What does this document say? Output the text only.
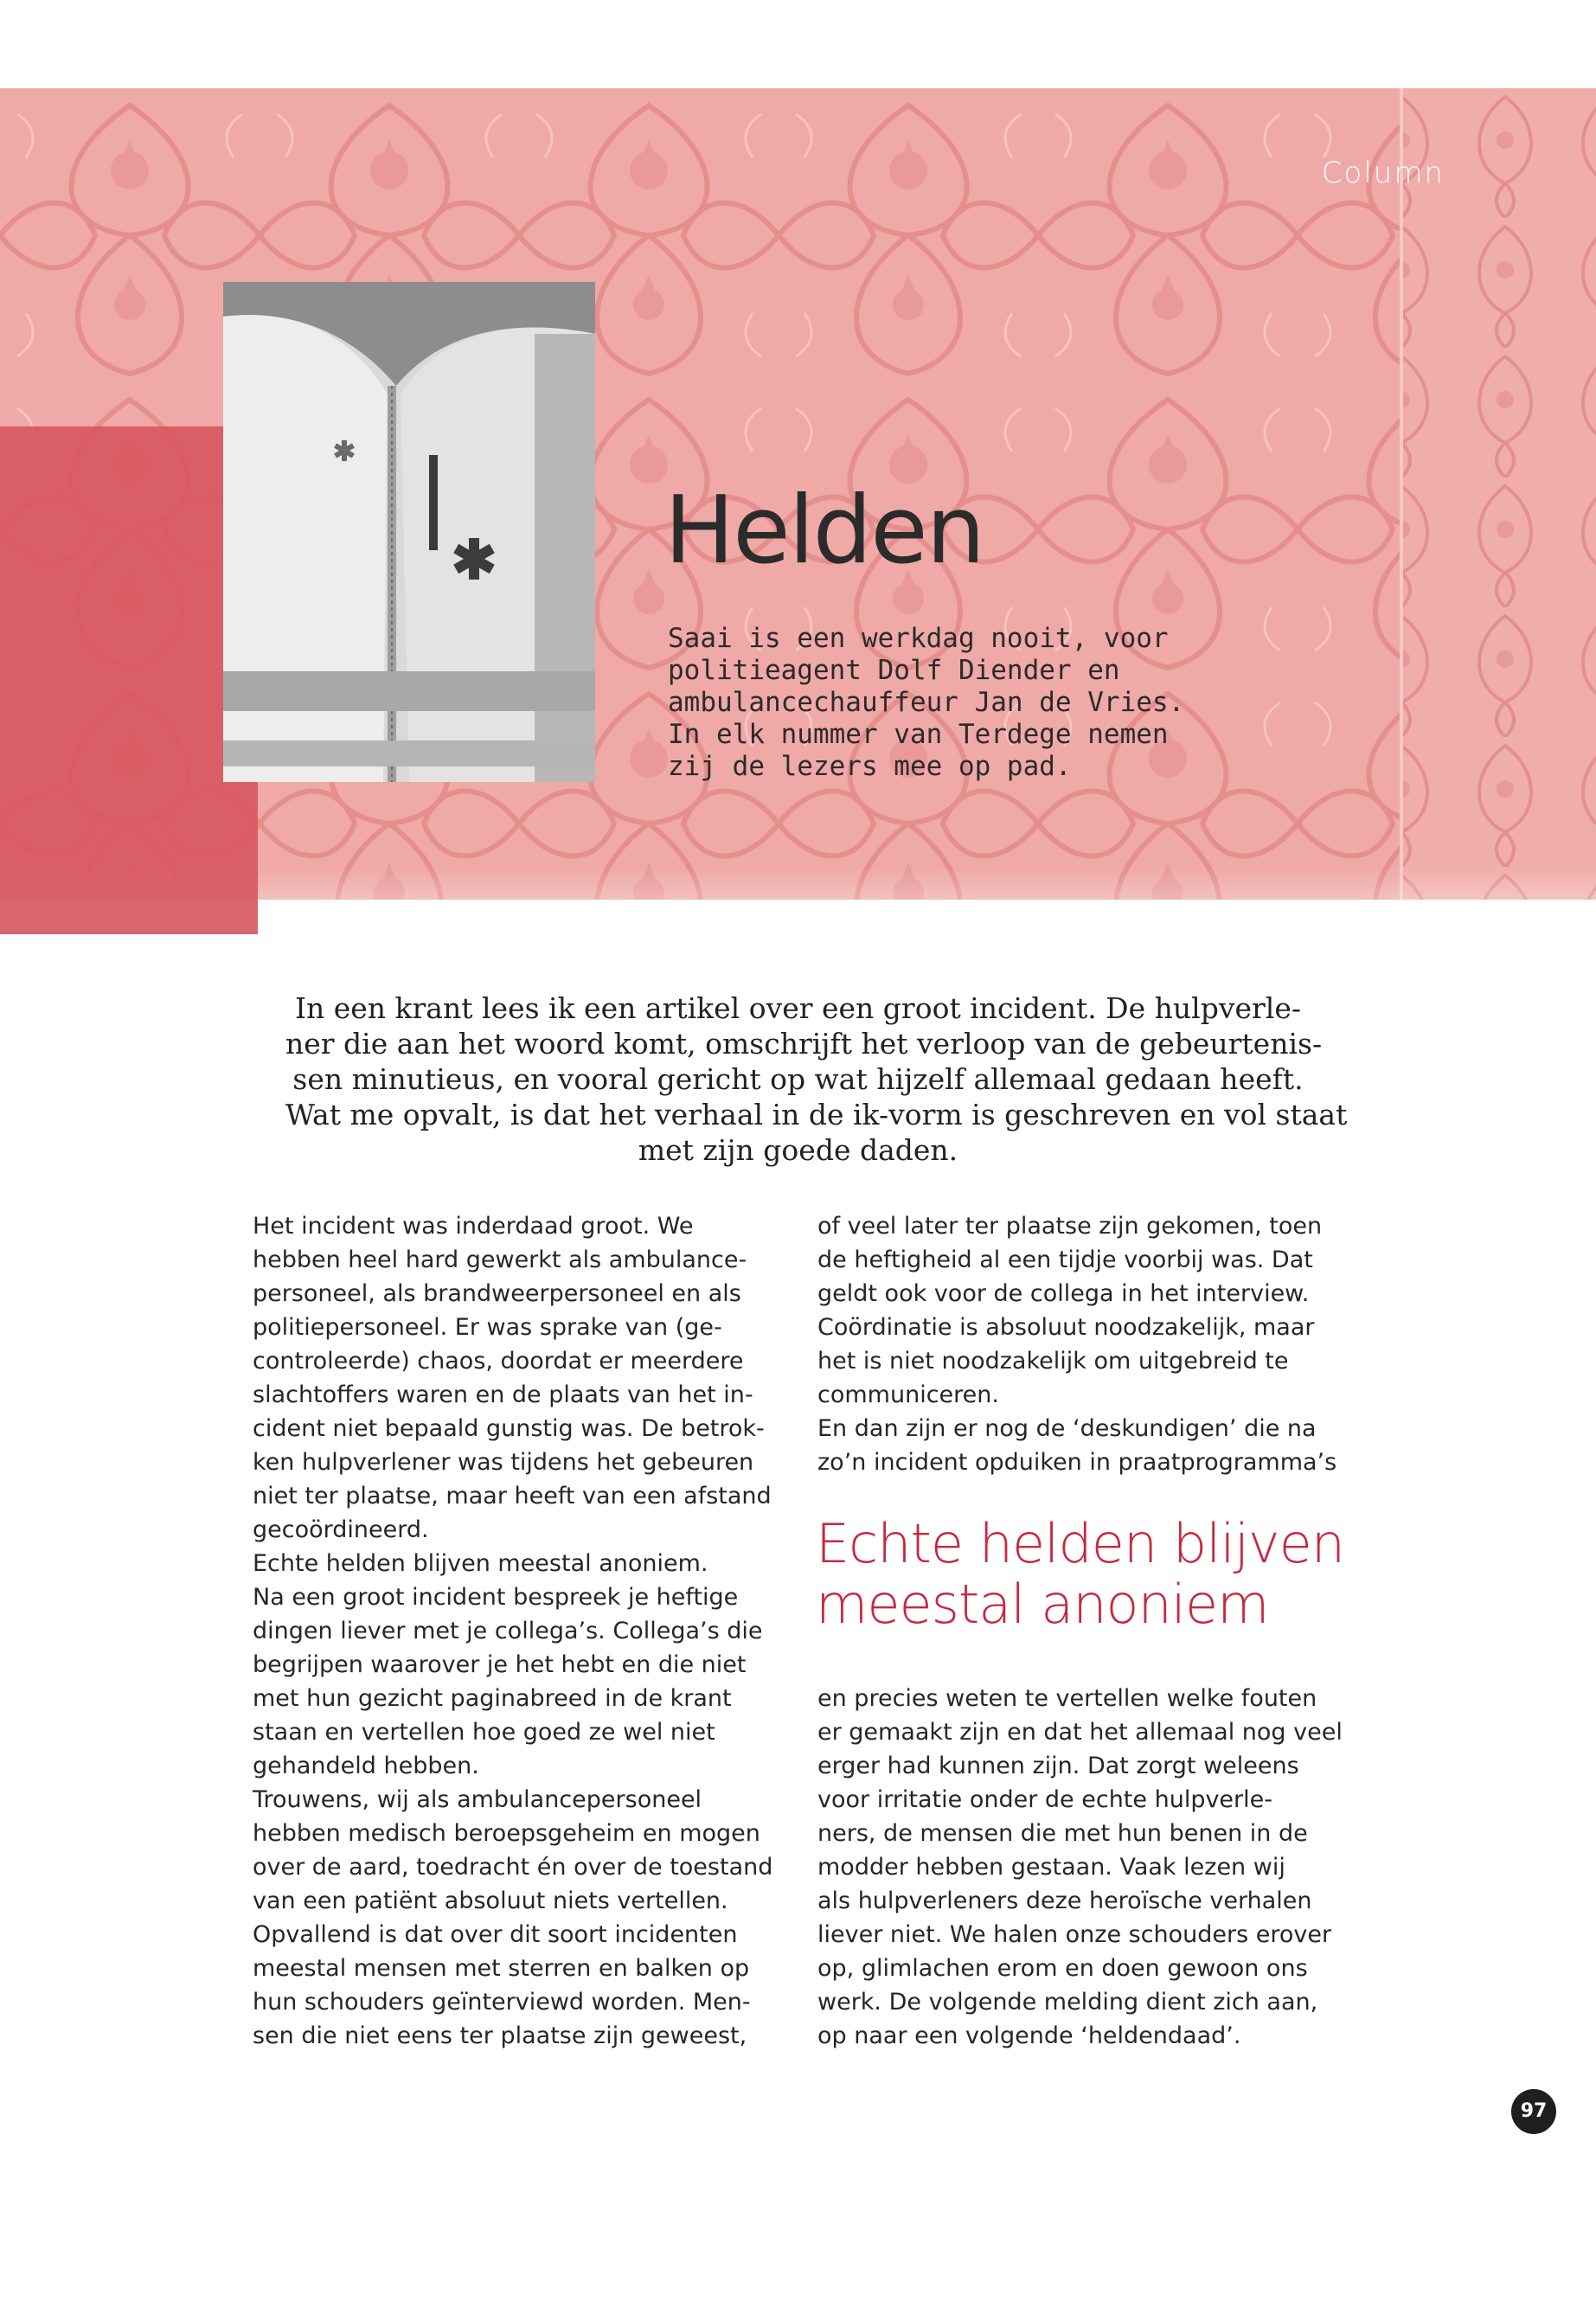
Column
Helden
Saai is een werkdag nooit, voor
politieagent Dolf Diender en
ambulancechauffeur Jan de Vries.
In elk nummer van Terdege nemen
zij de lezers mee op pad.
In een krant lees ik een artikel over een groot incident. De hulpverle-
ner die aan het woord komt, omschrijft het verloop van de gebeurtenis-
sen minutieus, en vooral gericht op wat hijzelf allemaal gedaan heeft.
Wat me opvalt, is dat het verhaal in de ik-vorm is geschreven en vol staat
met zijn goede daden.
Het incident was inderdaad groot. We
hebben heel hard gewerkt als ambulance-
personeel, als brandweerpersoneel en als
politiepersoneel. Er was sprake van (ge-
controleerde) chaos, doordat er meerdere
slachtoffers waren en de plaats van het in-
cident niet bepaald gunstig was. De betrok-
ken hulpverlener was tijdens het gebeuren
niet ter plaatse, maar heeft van een afstand
gecoördineerd.
Echte helden blijven meestal anoniem.
Na een groot incident bespreek je heftige
dingen liever met je collega’s. Collega’s die
begrijpen waarover je het hebt en die niet
met hun gezicht paginabreed in de krant
staan en vertellen hoe goed ze wel niet
gehandeld hebben.
Trouwens, wij als ambulancepersoneel
hebben medisch beroepsgeheim en mogen
over de aard, toedracht én over de toestand
van een patiënt absoluut niets vertellen.
Opvallend is dat over dit soort incidenten
meestal mensen met sterren en balken op
hun schouders geïnterviewd worden. Men-
sen die niet eens ter plaatse zijn geweest,
of veel later ter plaatse zijn gekomen, toen
de heftigheid al een tijdje voorbij was. Dat
geldt ook voor de collega in het interview.
Coördinatie is absoluut noodzakelijk, maar
het is niet noodzakelijk om uitgebreid te
communiceren.
En dan zijn er nog de ‘deskundigen’ die na
zo’n incident opduiken in praatprogramma’s
Echte helden blijven
meestal anoniem
en precies weten te vertellen welke fouten
er gemaakt zijn en dat het allemaal nog veel
erger had kunnen zijn. Dat zorgt weleens
voor irritatie onder de echte hulpverle-
ners, de mensen die met hun benen in de
modder hebben gestaan. Vaak lezen wij
als hulpverleners deze heroïsche verhalen
liever niet. We halen onze schouders erover
op, glimlachen erom en doen gewoon ons
werk. De volgende melding dient zich aan,
op naar een volgende ‘heldendaad’.
97
